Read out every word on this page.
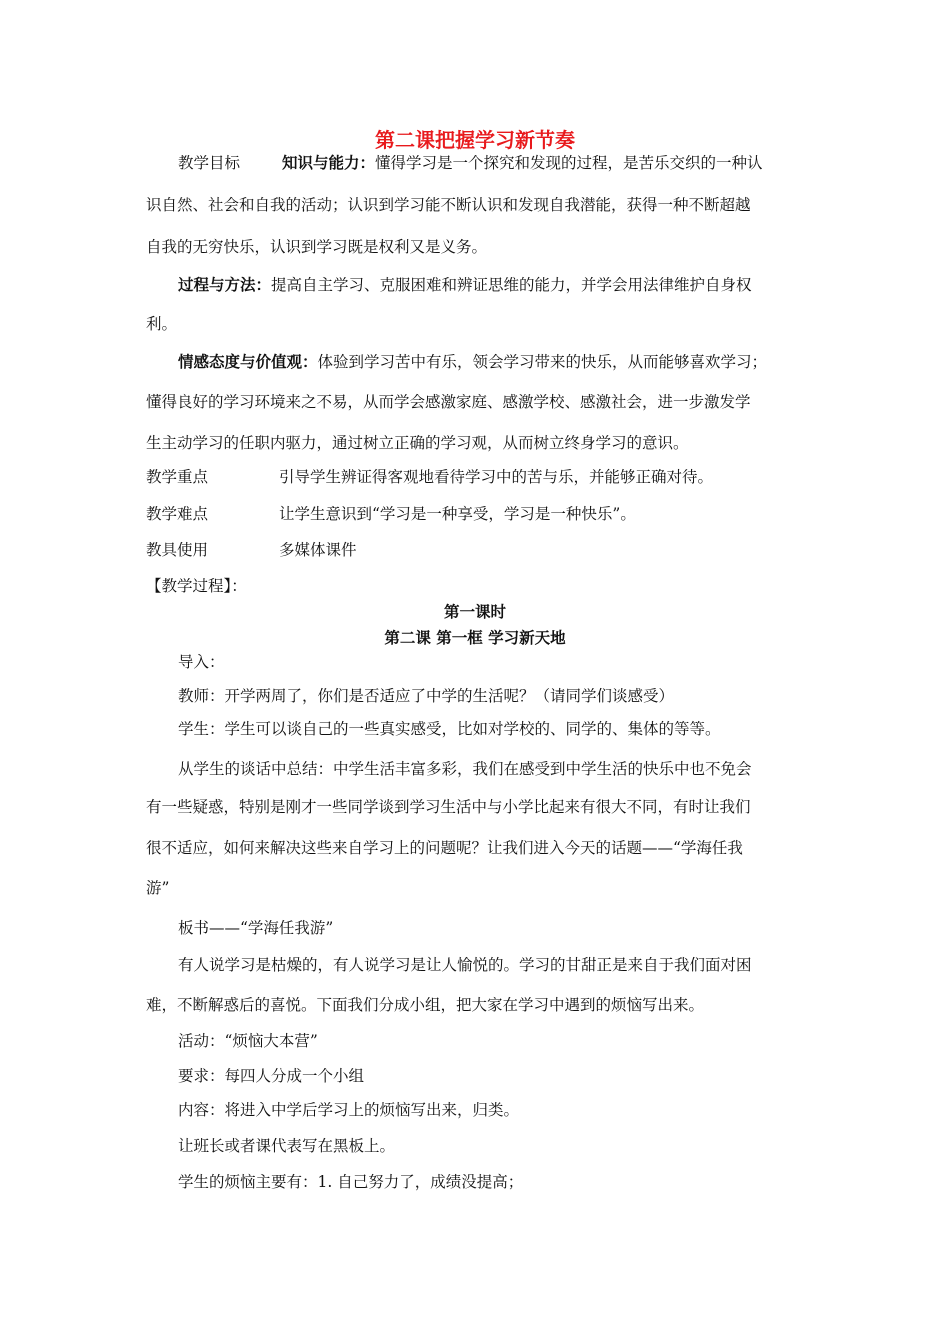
第二课把握学习新节奏
教学目标	知识与能力：懂得学习是一个探究和发现的过程，是苦乐交织的一种认
识自然、社会和自我的活动；认识到学习能不断认识和发现自我潜能，获得一种不断超越
自我的无穷快乐，认识到学习既是权利又是义务。
过程与方法：提高自主学习、克服困难和辨证思维的能力，并学会用法律维护自身权
利。
情感态度与价值观：体验到学习苦中有乐，领会学习带来的快乐，从而能够喜欢学习；
懂得良好的学习环境来之不易，从而学会感激家庭、感激学校、感激社会，进一步激发学
生主动学习的任职内驱力，通过树立正确的学习观，从而树立终身学习的意识。
教学重点	引导学生辨证得客观地看待学习中的苦与乐，并能够正确对待。
教学难点	让学生意识到“学习是一种享受，学习是一种快乐”。
教具使用	多媒体课件
【教学过程】：
第一课时
第二课 第一框 学习新天地
导入：
教师：开学两周了，你们是否适应了中学的生活呢？（请同学们谈感受）
学生：学生可以谈自己的一些真实感受，比如对学校的、同学的、集体的等等。
从学生的谈话中总结：中学生活丰富多彩，我们在感受到中学生活的快乐中也不免会
有一些疑惑，特别是刚才一些同学谈到学习生活中与小学比起来有很大不同，有时让我们
很不适应，如何来解决这些来自学习上的问题呢？让我们进入今天的话题——“学海任我
游”
板书——“学海任我游”
有人说学习是枯燥的，有人说学习是让人愉悦的。学习的甘甜正是来自于我们面对困
难，不断解惑后的喜悦。下面我们分成小组，把大家在学习中遇到的烦恼写出来。
活动：“烦恼大本营”
要求：每四人分成一个小组
内容：将进入中学后学习上的烦恼写出来，归类。
让班长或者课代表写在黑板上。
学生的烦恼主要有：1. 自己努力了，成绩没提高；
